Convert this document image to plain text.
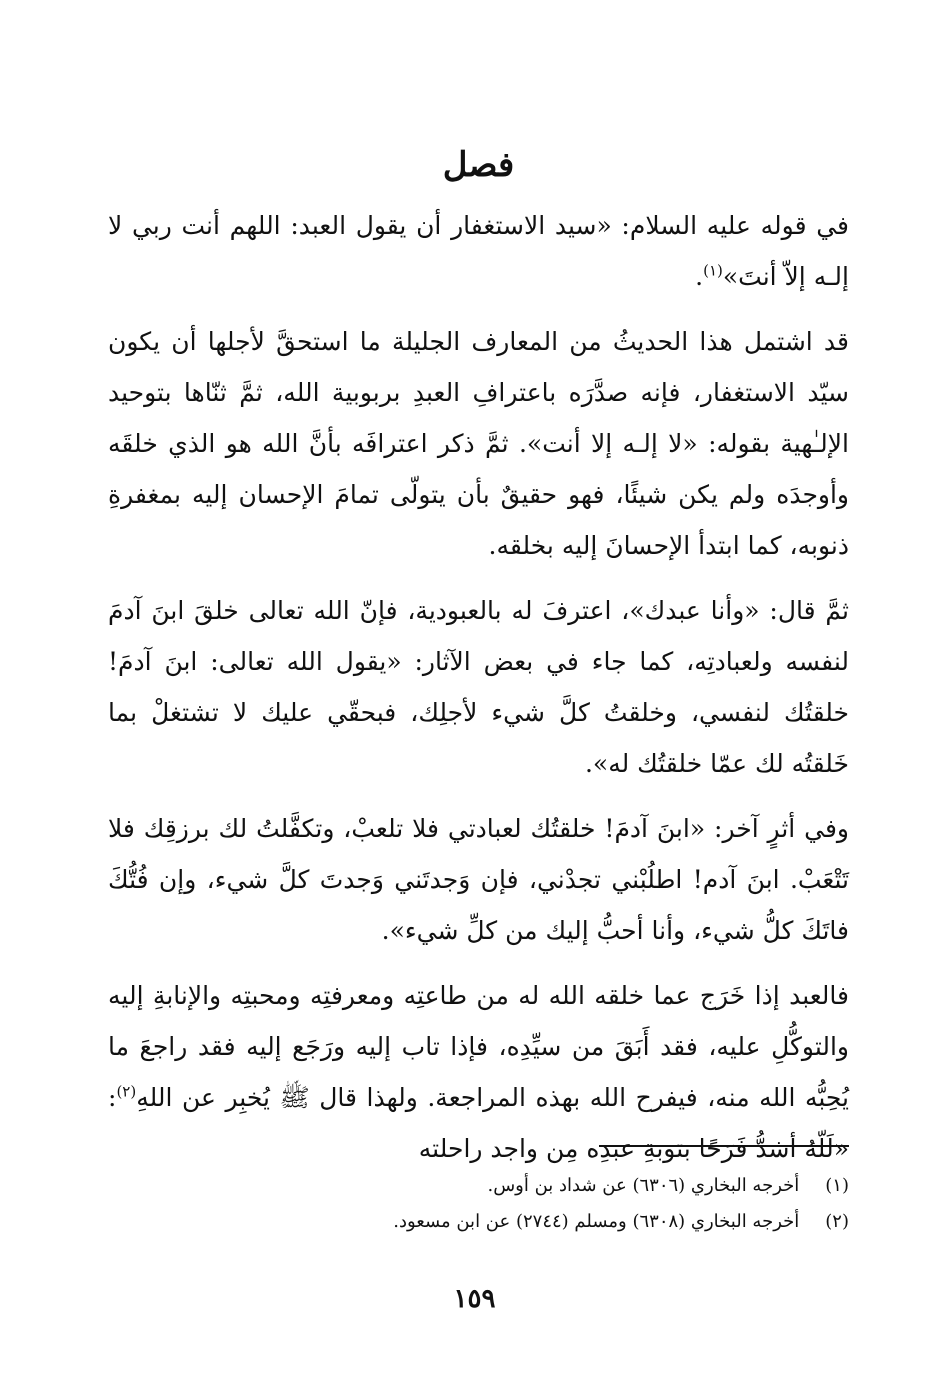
فصل

في قوله عليه السلام: «سيد الاستغفار أن يقول العبد: اللهم أنت ربي لا إلـه إلاّ أنتَ»$^{(١)}$.

قد اشتمل هذا الحديثُ من المعارف الجليلة ما استحقَّ لأجلها أن يكون سيّد الاستغفار، فإنه صدَّرَه باعترافِ العبدِ بربوبية الله، ثمَّ ثنّاها بتوحيد الإلـٰهية بقوله: «لا إلـه إلا أنت». ثمَّ ذكر اعترافَه بأنَّ الله هو الذي خلقَه وأوجدَه ولم يكن شيئًا، فهو حقيقٌ بأن يتولّى تمامَ الإحسان إليه بمغفرةِ ذنوبه، كما ابتدأ الإحسانَ إليه بخلقه.

ثمَّ قال: «وأنا عبدك»، اعترفَ له بالعبودية، فإنّ الله تعالى خلقَ ابنَ آدمَ لنفسه ولعبادتِه، كما جاء في بعض الآثار: «يقول الله تعالى: ابنَ آدمَ! خلقتُك لنفسي، وخلقتُ كلَّ شيء لأجلِك، فبحقّي عليك لا تشتغلْ بما خَلقتُه لك عمّا خلقتُك له».

وفي أثرٍ آخر: «ابنَ آدمَ! خلقتُك لعبادتي فلا تلعبْ، وتكفَّلتُ لك برزقِك فلا تَتْعَبْ. ابنَ آدم! اطلُبْني تجدْني، فإن وَجدتَني وَجدتَ كلَّ شيء، وإن فُتُّكَ فاتَكَ كلُّ شيء، وأنا أحبُّ إليك من كلِّ شيء».

فالعبد إذا خَرَج عما خلقه الله له من طاعتِه ومعرفتِه ومحبتِه والإنابةِ إليه والتوكُّلِ عليه، فقد أَبَقَ من سيِّدِه، فإذا تاب إليه ورَجَع إليه فقد راجعَ ما يُحِبُّه الله منه، فيفرح الله بهذه المراجعة. ولهذا قال ﷺ يُخبِر عن اللهِ$^{(٢)}$: «لَلّهُ أشدُّ فَرَحًا بتوبةِ عبدِه مِن واجد راحلته

(١) أخرجه البخاري (٦٣٠٦) عن شداد بن أوس.

(٢) أخرجه البخاري (٦٣٠٨) ومسلم (٢٧٤٤) عن ابن مسعود.

١٥٩
